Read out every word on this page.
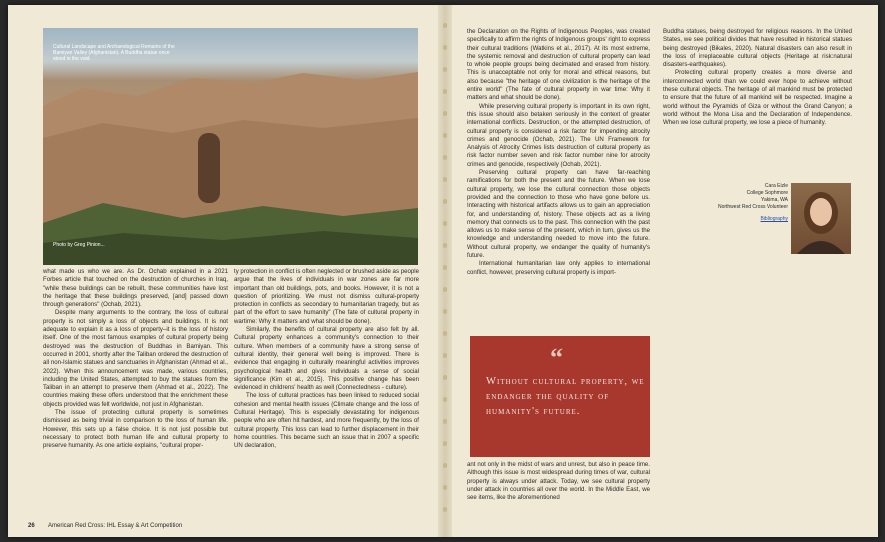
Cultural Landscape and Archaeological Remains of the Bamiyan Valley (Afghanistan). A Buddha statue once stood in the void.
Photo by Greg Pinion...

what made us who we are. As Dr. Ochab explained in a 2021 Forbes article that touched on the destruction of churches in Iraq, "while these buildings can be rebuilt, these communities have lost the heritage that these buildings preserved, [and] passed down through generations" (Ochab, 2021).

Despite many arguments to the contrary, the loss of cultural property is not simply a loss of objects and buildings. It is not adequate to explain it as a loss of property–it is the loss of history itself. One of the most famous examples of cultural property being destroyed was the destruction of Buddhas in Bamiyan. This occurred in 2001, shortly after the Taliban ordered the destruction of all non-Islamic statues and sanctuaries in Afghanistan (Ahmad et al., 2022). When this announcement was made, various countries, including the United States, attempted to buy the statues from the Taliban in an attempt to preserve them (Ahmad et al., 2022). The countries making these offers understood that the enrichment these objects provided was felt worldwide, not just in Afghanistan.

The issue of protecting cultural property is sometimes dismissed as being trivial in comparison to the loss of human life. However, this sets up a false choice. It is not just possible but necessary to protect both human life and cultural property to preserve humanity. As one article explains, "cultural proper-

ty protection in conflict is often neglected or brushed aside as people argue that the lives of individuals in war zones are far more important than old buildings, pots, and books. However, it is not a question of prioritizing. We must not dismiss cultural-property protection in conflicts as secondary to humanitarian tragedy, but as part of the effort to save humanity" (The fate of cultural property in wartime: Why it matters and what should be done).

Similarly, the benefits of cultural property are also felt by all. Cultural property enhances a community's connection to their culture. When members of a community have a strong sense of cultural identity, their general well being is improved. There is evidence that engaging in culturally meaningful activities improves psychological health and gives individuals a sense of social significance (Kim et al., 2015). This positive change has been evidenced in childrens' health as well (Connectedness - culture).

The loss of cultural practices has been linked to reduced social cohesion and mental health issues (Climate change and the loss of Cultural Heritage). This is especially devastating for indigenous people who are often hit hardest, and more frequently, by the loss of cultural property. This loss can lead to further displacement in their home countries. This became such an issue that in 2007 a specific UN declaration,

the Declaration on the Rights of Indigenous Peoples, was created specifically to affirm the rights of Indigenous groups' right to express their cultural traditions (Watkins et al., 2017). At its most extreme, the systemic removal and destruction of cultural property can lead to whole people groups being decimated and erased from history. This is unacceptable not only for moral and ethical reasons, but also because "the heritage of one civilization is the heritage of the entire world" (The fate of cultural property in war time: Why it matters and what should be done).

While preserving cultural property is important in its own right, this issue should also betaken seriously in the context of greater international conflicts. Destruction, or the attempted destruction, of cultural property is considered a risk factor for impending atrocity crimes and genocide (Ochab, 2021). The UN Framework for Analysis of Atrocity Crimes lists destruction of cultural property as risk factor number seven and risk factor number nine for atrocity crimes and genocide, respectively (Ochab, 2021).

Preserving cultural property can have far-reaching ramifications for both the present and the future. When we lose cultural property, we lose the cultural connection those objects provided and the connection to those who have gone before us. Interacting with historical artifacts allows us to gain an appreciation for, and understanding of, history. These objects act as a living memory that connects us to the past. This connection with the past allows us to make sense of the present, which in turn, gives us the knowledge and understanding needed to move into the future. Without cultural property, we endanger the quality of humanity's future.

International humanitarian law only applies to international conflict, however, preserving cultural property is import-

“
Without cultural property, we endanger the quality of humanity's future.

ant not only in the midst of wars and unrest, but also in peace time. Although this issue is most widespread during times of war, cultural property is always under attack. Today, we see cultural property under attack in countries all over the world. In the Middle East, we see items, like the aforementioned

Buddha statues, being destroyed for religious reasons. In the United States, we see political divides that have resulted in historical statues being destroyed (Bikales, 2020). Natural disasters can also result in the loss of irreplaceable cultural objects (Heritage at risk:natural disasters-earthquakes).

Protecting cultural property creates a more diverse and interconnected world than we could ever hope to achieve without these cultural objects. The heritage of all mankind must be protected to ensure that the future of all mankind will be respected. Imagine a world without the Pyramids of Giza or without the Grand Canyon; a world without the Mona Lisa and the Declaration of Independence. When we lose cultural property, we lose a piece of humanity.

Cara Eizle
College Sophmore
Yakima, WA
Northwest Red Cross Volunteer
Bibliography
26 American Red Cross: IHL Essay & Art Competition
